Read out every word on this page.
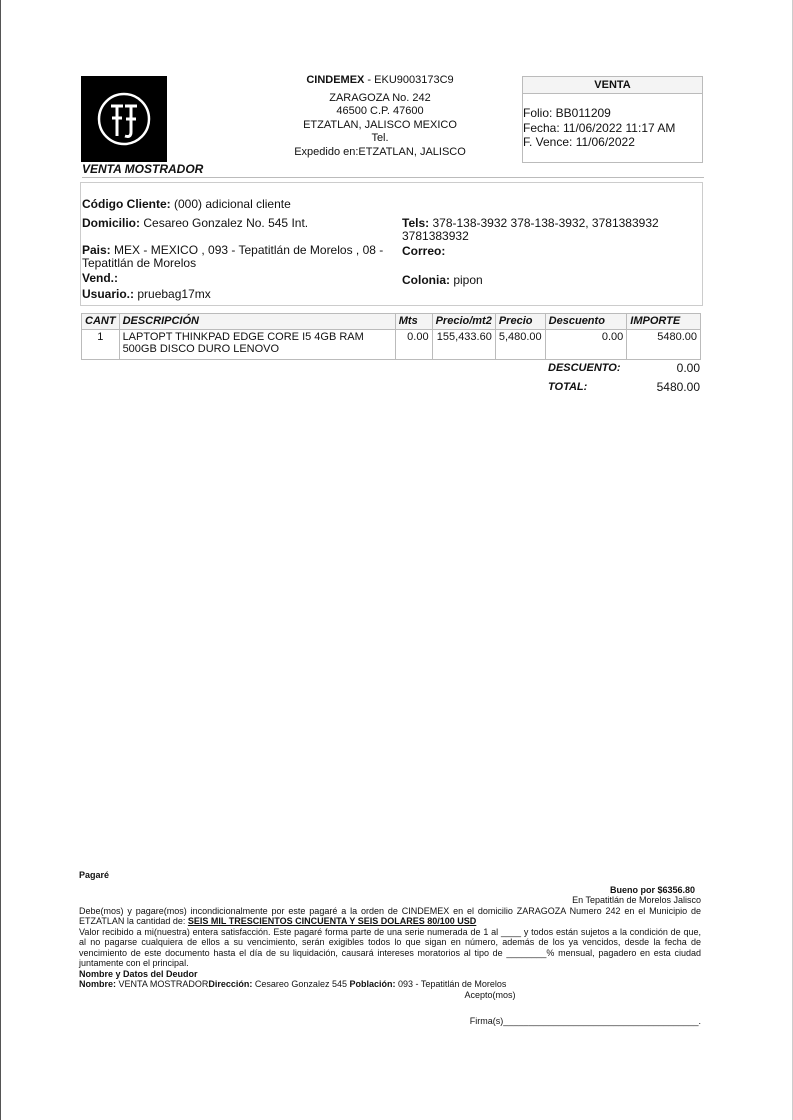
CINDEMEX - EKU9003173C9
ZARAGOZA No. 242
46500 C.P. 47600
ETZATLAN, JALISCO MEXICO
Tel.
Expedido en:ETZATLAN, JALISCO
VENTA
Folio: BB011209
Fecha: 11/06/2022 11:17 AM
F. Vence: 11/06/2022
VENTA MOSTRADOR
Código Cliente: (000) adicional cliente
Domicilio: Cesareo Gonzalez No. 545 Int.	Tels: 378-138-3932 378-138-3932, 3781383932 3781383932
Pais: MEX - MEXICO , 093 - Tepatitlán de Morelos , 08 - Tepatitlán de Morelos
Correo:
Vend.:	Colonia: pipon
Usuario.: pruebag17mx
CANT	DESCRIPCIÓN	Mts	Precio/mt2	Precio	Descuento	IMPORTE
1	LAPTOPT THINKPAD EDGE CORE I5 4GB RAM 500GB DISCO DURO LENOVO	0.00	155,433.60	5,480.00	0.00	5480.00
DESCUENTO:	0.00
TOTAL:	5480.00
Pagaré
Bueno por $6356.80
En Tepatitlán de Morelos Jalisco
Debe(mos) y pagare(mos) incondicionalmente por este pagaré a la orden de CINDEMEX en el domicilio ZARAGOZA Numero 242 en el Municipio de ETZATLAN la cantidad de: SEIS MIL TRESCIENTOS CINCUENTA Y SEIS DOLARES 80/100 USD
Valor recibido a mi(nuestra) entera satisfacción. Este pagaré forma parte de una serie numerada de 1 al ____ y todos están sujetos a la condición de que, al no pagarse cualquiera de ellos a su vencimiento, serán exigibles todos lo que sigan en número, además de los ya vencidos, desde la fecha de vencimiento de este documento hasta el día de su liquidación, causará intereses moratorios al tipo de ________% mensual, pagadero en esta ciudad juntamente con el principal.
Nombre y Datos del Deudor
Nombre: VENTA MOSTRADORDirección: Cesareo Gonzalez 545 Población: 093 - Tepatitlán de Morelos
Acepto(mos)
Firma(s)_______________________________________.
